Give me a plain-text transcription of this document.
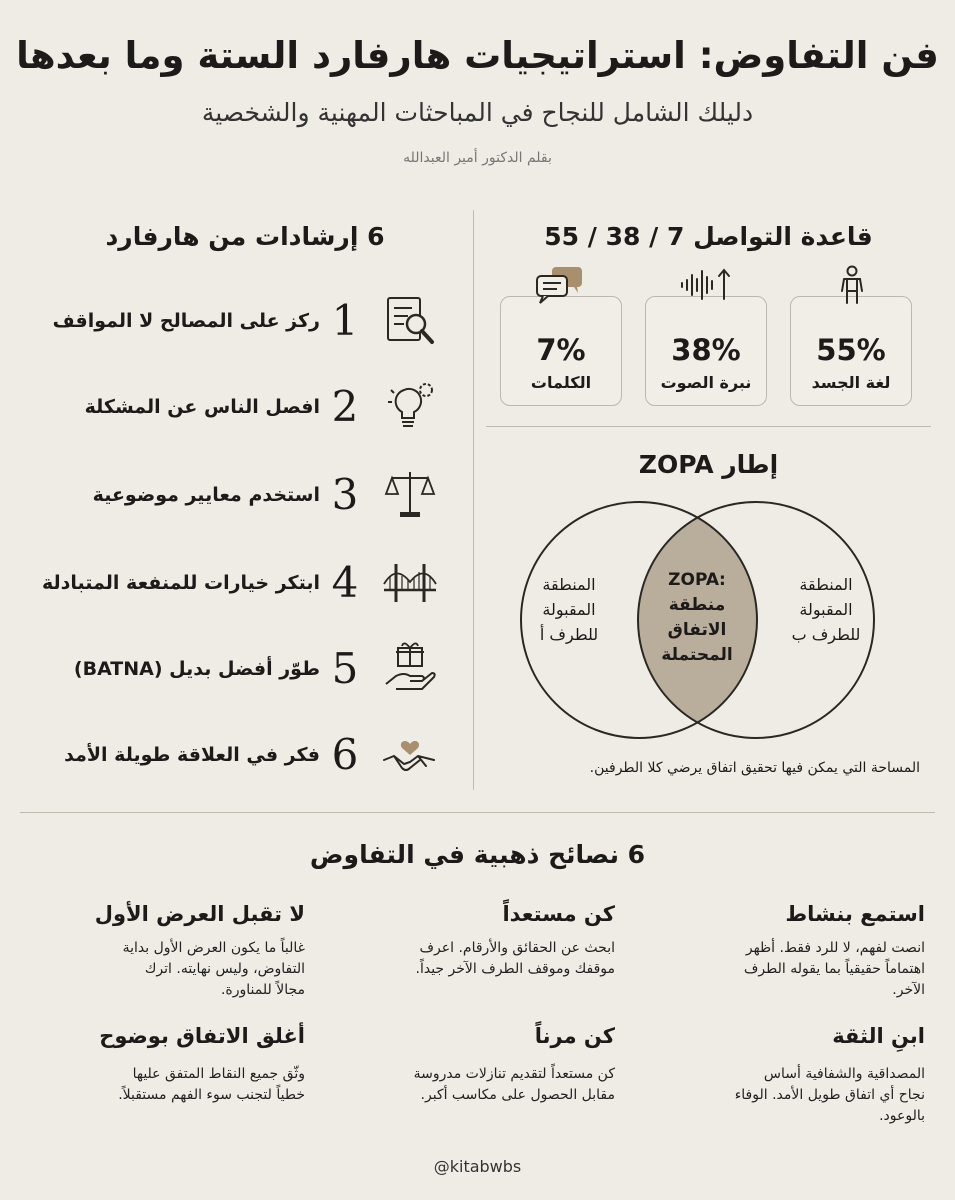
فن التفاوض: استراتيجيات هارفارد الستة وما بعدها
دليلك الشامل للنجاح في المباحثات المهنية والشخصية
بقلم الدكتور أمير العبدالله
قاعدة التواصل 7 / 38 / 55
55%
لغة الجسد
38%
نبرة الصوت
7%
الكلمات
إطار ZOPA
المنطقة
المقبولة
للطرف ب
المنطقة
المقبولة
للطرف أ
:ZOPA
منطقة
الاتفاق
المحتملة
المساحة التي يمكن فيها تحقيق اتفاق يرضي كلا الطرفين.
6 إرشادات من هارفارد
1
ركز على المصالح لا المواقف
2
افصل الناس عن المشكلة
3
استخدم معايير موضوعية
4
ابتكر خيارات للمنفعة المتبادلة
5
طوّر أفضل بديل (BATNA)
6
فكر في العلاقة طويلة الأمد
6 نصائح ذهبية في التفاوض
استمع بنشاط
انصت لفهم، لا للرد فقط. أظهر
اهتماماً حقيقياً بما يقوله الطرف
الآخر.
ابنِ الثقة
المصداقية والشفافية أساس
نجاح أي اتفاق طويل الأمد. الوفاء
بالوعود.
كن مستعداً
ابحث عن الحقائق والأرقام. اعرف
موقفك وموقف الطرف الآخر جيداً.
كن مرناً
كن مستعداً لتقديم تنازلات مدروسة
مقابل الحصول على مكاسب أكبر.
لا تقبل العرض الأول
غالباً ما يكون العرض الأول بداية
التفاوض، وليس نهايته. اترك
مجالاً للمناورة.
أغلق الاتفاق بوضوح
وثّق جميع النقاط المتفق عليها
خطياً لتجنب سوء الفهم مستقبلاً.
@kitabwbs
